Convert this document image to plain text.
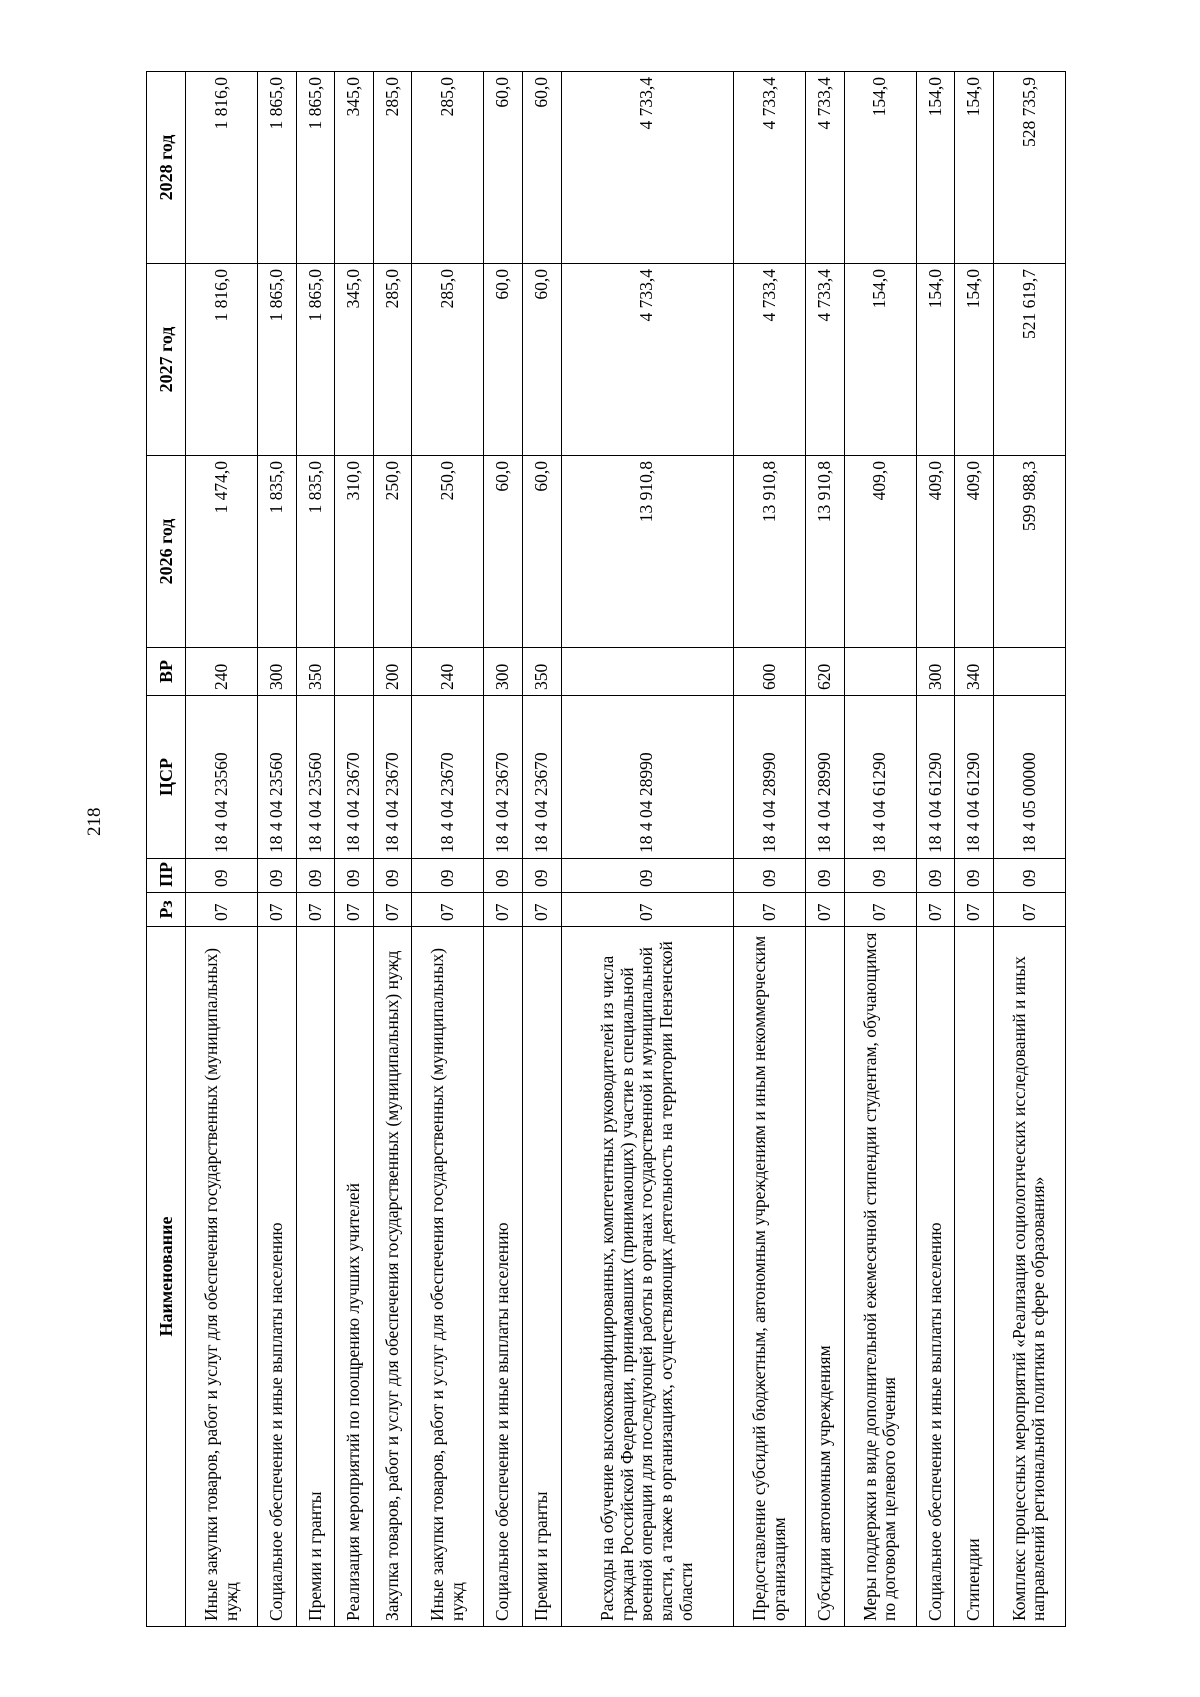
218
Наименование	Рз	ПР	ЦСР	ВР	2026 год	2027 год	2028 год
Иные закупки товаров, работ и услуг для обеспечения государственных (муниципальных) нужд	07	09	18 4 04 23560	240	1 474,0	1 816,0	1 816,0
Социальное обеспечение и иные выплаты населению	07	09	18 4 04 23560	300	1 835,0	1 865,0	1 865,0
Премии и гранты	07	09	18 4 04 23560	350	1 835,0	1 865,0	1 865,0
Реализация мероприятий по поощрению лучших учителей	07	09	18 4 04 23670		310,0	345,0	345,0
Закупка товаров, работ и услуг для обеспечения государственных (муниципальных) нужд	07	09	18 4 04 23670	200	250,0	285,0	285,0
Иные закупки товаров, работ и услуг для обеспечения государственных (муниципальных) нужд	07	09	18 4 04 23670	240	250,0	285,0	285,0
Социальное обеспечение и иные выплаты населению	07	09	18 4 04 23670	300	60,0	60,0	60,0
Премии и гранты	07	09	18 4 04 23670	350	60,0	60,0	60,0
Расходы на обучение высококвалифицированных, компетентных руководителей из числа граждан Российской Федерации, принимавших (принимающих) участие в специальной военной операции для последующей работы в органах государственной и муниципальной власти, а также в организациях, осуществляющих деятельность на территории Пензенской области	07	09	18 4 04 28990		13 910,8	4 733,4	4 733,4
Предоставление субсидий бюджетным, автономным учреждениям и иным некоммерческим организациям	07	09	18 4 04 28990	600	13 910,8	4 733,4	4 733,4
Субсидии автономным учреждениям	07	09	18 4 04 28990	620	13 910,8	4 733,4	4 733,4
Меры поддержки в виде дополнительной ежемесячной стипендии студентам, обучающимся по договорам целевого обучения	07	09	18 4 04 61290		409,0	154,0	154,0
Социальное обеспечение и иные выплаты населению	07	09	18 4 04 61290	300	409,0	154,0	154,0
Стипендии	07	09	18 4 04 61290	340	409,0	154,0	154,0
Комплекс процессных мероприятий «Реализация социологических исследований и иных направлений региональной политики в сфере образования»	07	09	18 4 05 00000		599 988,3	521 619,7	528 735,9
